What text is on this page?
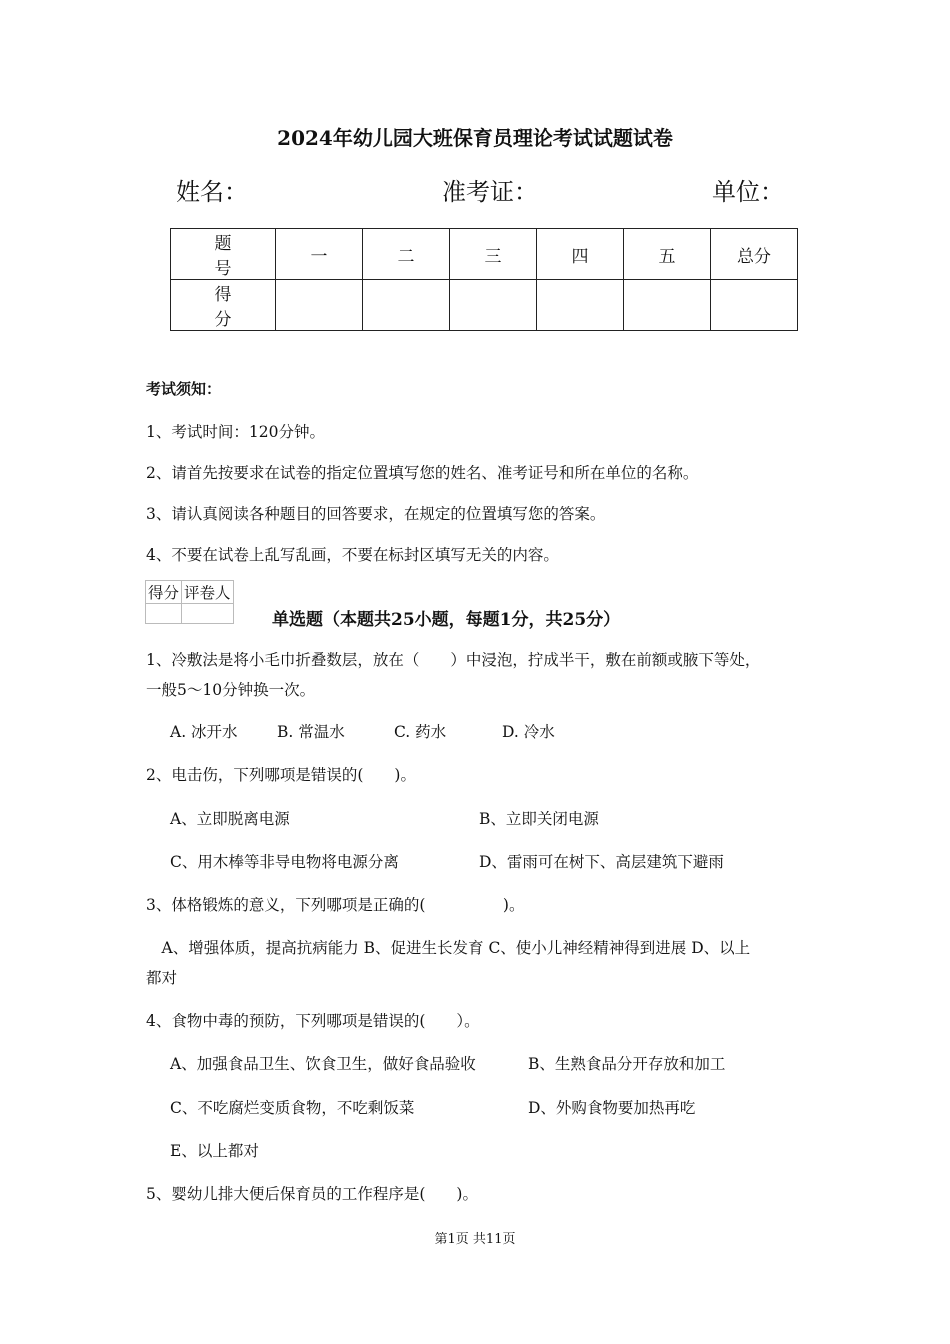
2024年幼儿园大班保育员理论考试试题试卷
姓名：	准考证：	单位：
题 号	一	二	三	四	五	总分
得 分						
考试须知：
1、考试时间：120分钟。
2、请首先按要求在试卷的指定位置填写您的姓名、准考证号和所在单位的名称。
3、请认真阅读各种题目的回答要求，在规定的位置填写您的答案。
4、不要在试卷上乱写乱画，不要在标封区填写无关的内容。
得分	评卷人

单选题（本题共25小题，每题1分，共25分）
1、冷敷法是将小毛巾折叠数层，放在（　　）中浸泡，拧成半干，敷在前额或腋下等处，
一般5～10分钟换一次。
A. 冰开水	B. 常温水	C. 药水	D. 冷水
2、电击伤，下列哪项是错误的(　　)。
A、立即脱离电源	B、立即关闭电源
C、用木棒等非导电物将电源分离	D、雷雨可在树下、高层建筑下避雨
3、体格锻炼的意义，下列哪项是正确的(　　　　　)。
　A、增强体质，提高抗病能力 B、促进生长发育 C、使小儿神经精神得到进展 D、以上
都对
4、食物中毒的预防，下列哪项是错误的(　　）。
A、加强食品卫生、饮食卫生，做好食品验收	B、生熟食品分开存放和加工
C、不吃腐烂变质食物，不吃剩饭菜	D、外购食物要加热再吃
E、以上都对
5、婴幼儿排大便后保育员的工作程序是(　　)。
第1页 共11页
